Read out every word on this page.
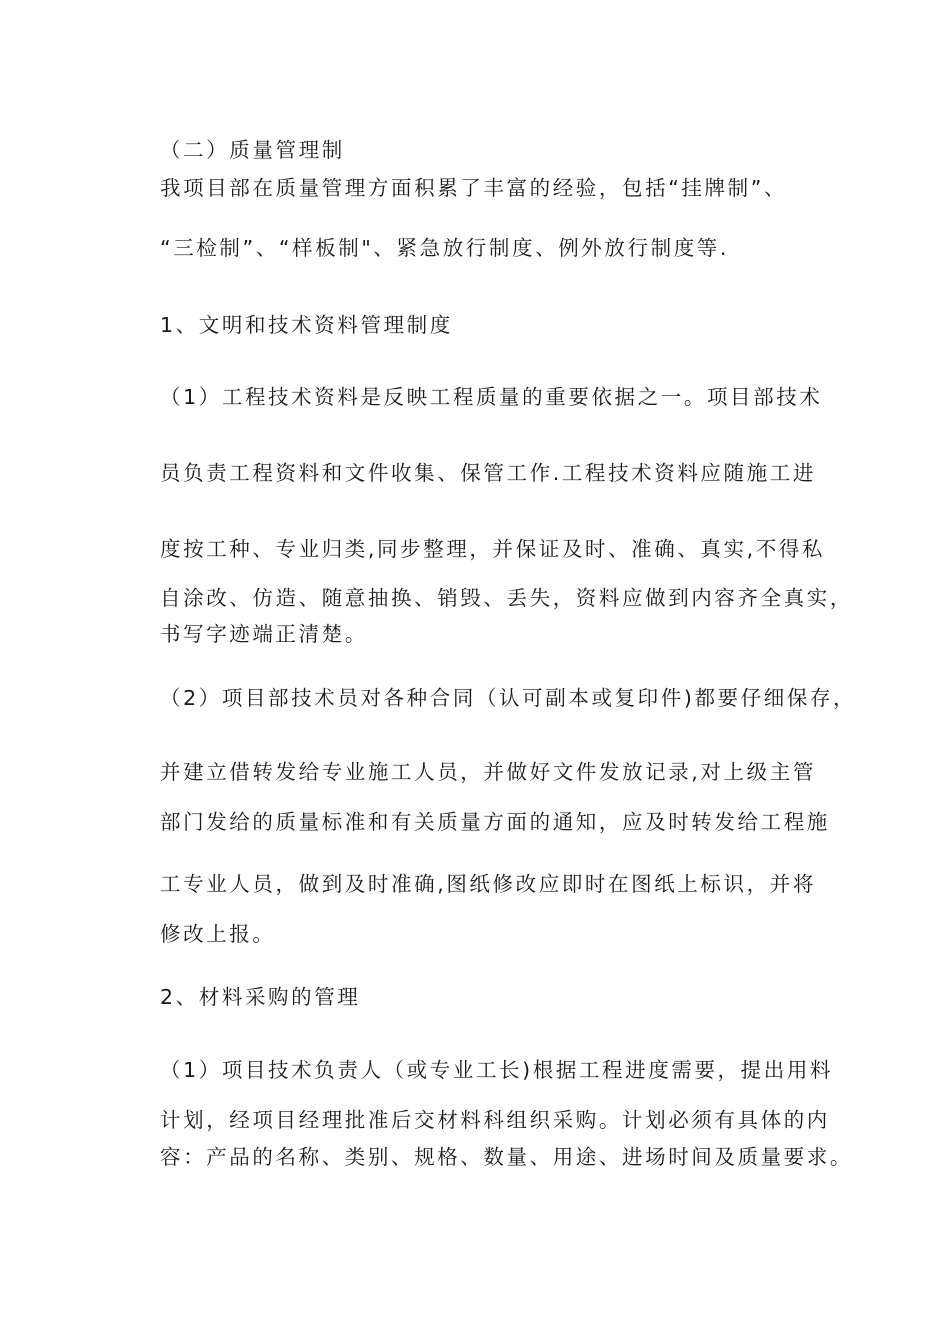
（二）质量管理制
我项目部在质量管理方面积累了丰富的经验，包括“挂牌制”、
“三检制”、“样板制"、紧急放行制度、例外放行制度等.
1、文明和技术资料管理制度
（1）工程技术资料是反映工程质量的重要依据之一。项目部技术
员负责工程资料和文件收集、保管工作.工程技术资料应随施工进
度按工种、专业归类,同步整理，并保证及时、准确、真实,不得私
自涂改、仿造、随意抽换、销毁、丢失，资料应做到内容齐全真实，
书写字迹端正清楚。
（2）项目部技术员对各种合同（认可副本或复印件)都要仔细保存，
并建立借转发给专业施工人员，并做好文件发放记录,对上级主管
部门发给的质量标准和有关质量方面的通知，应及时转发给工程施
工专业人员，做到及时准确,图纸修改应即时在图纸上标识，并将
修改上报。
2、材料采购的管理
（1）项目技术负责人（或专业工长)根据工程进度需要，提出用料
计划，经项目经理批准后交材料科组织采购。计划必须有具体的内
容：产品的名称、类别、规格、数量、用途、进场时间及质量要求。
